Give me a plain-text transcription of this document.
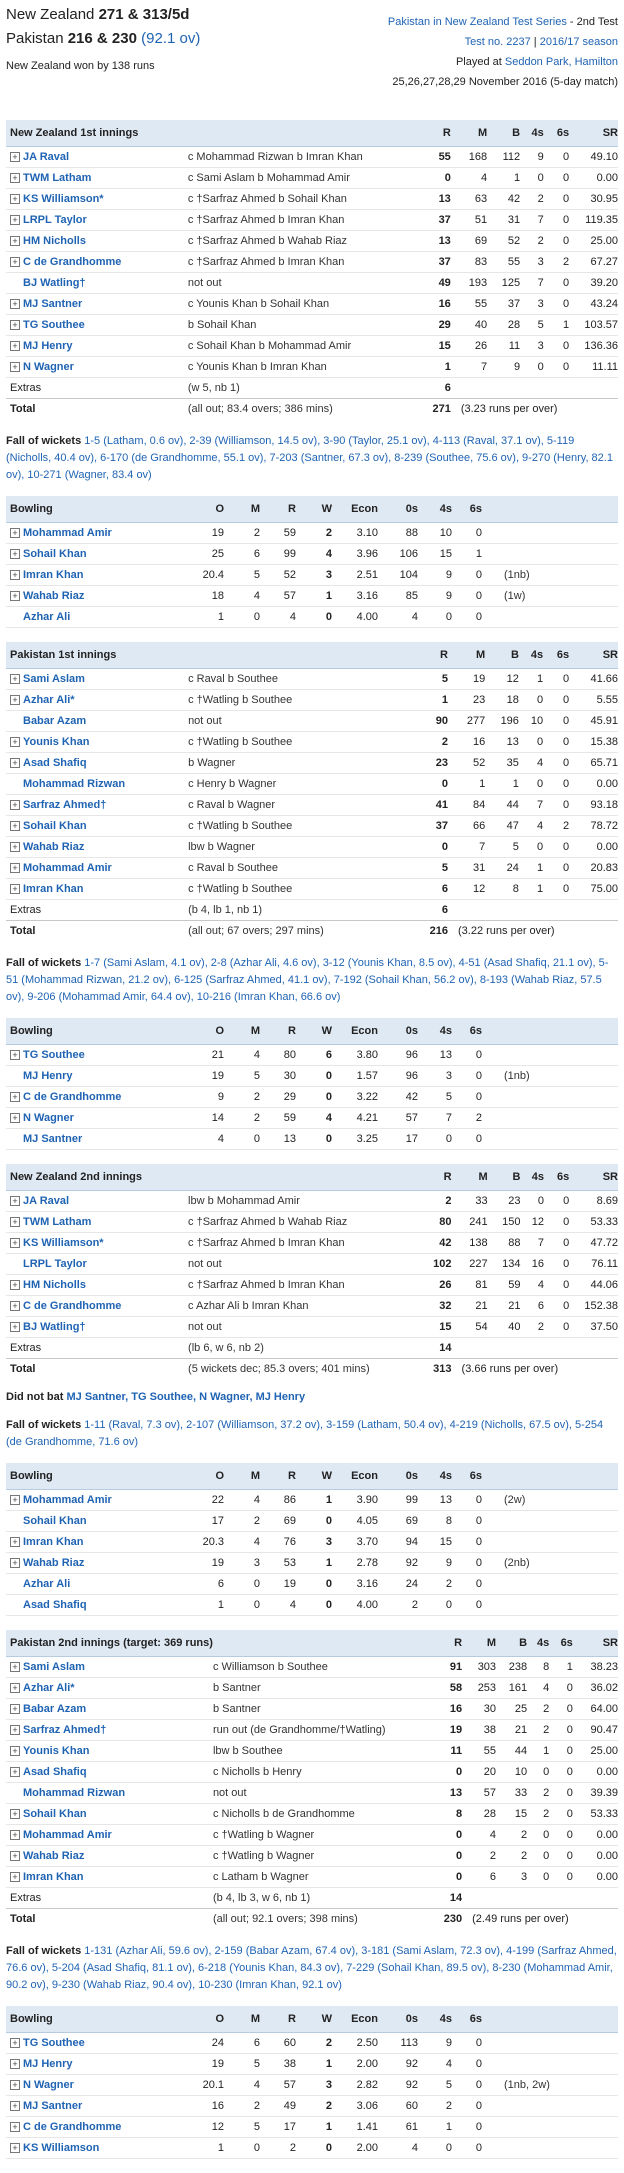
New Zealand 271 & 313/5d
Pakistan 216 & 230 (92.1 ov)
New Zealand won by 138 runs
Pakistan in New Zealand Test Series - 2nd Test
Test no. 2237 | 2016/17 season
Played at Seddon Park, Hamilton
25,26,27,28,29 November 2016 (5-day match)
New Zealand 1st innings		R	M	B	4s	6s	SR
+ JA Raval	c Mohammad Rizwan b Imran Khan	55	168	112	9	0	49.10
+ TWM Latham	c Sami Aslam b Mohammad Amir	0	4	1	0	0	0.00
+ KS Williamson*	c †Sarfraz Ahmed b Sohail Khan	13	63	42	2	0	30.95
+ LRPL Taylor	c †Sarfraz Ahmed b Imran Khan	37	51	31	7	0	119.35
+ HM Nicholls	c †Sarfraz Ahmed b Wahab Riaz	13	69	52	2	0	25.00
+ C de Grandhomme	c †Sarfraz Ahmed b Imran Khan	37	83	55	3	2	67.27
BJ Watling†	not out	49	193	125	7	0	39.20
+ MJ Santner	c Younis Khan b Sohail Khan	16	55	37	3	0	43.24
+ TG Southee	b Sohail Khan	29	40	28	5	1	103.57
+ MJ Henry	c Sohail Khan b Mohammad Amir	15	26	11	3	0	136.36
+ N Wagner	c Younis Khan b Imran Khan	1	7	9	0	0	11.11
Extras	(w 5, nb 1)	6					
Total	(all out; 83.4 overs; 386 mins)	271	(3.23 runs per over)				
Fall of wickets 1-5 (Latham, 0.6 ov), 2-39 (Williamson, 14.5 ov), 3-90 (Taylor, 25.1 ov), 4-113 (Raval, 37.1 ov), 5-119 (Nicholls, 40.4 ov), 6-170 (de Grandhomme, 55.1 ov), 7-203 (Santner, 67.3 ov), 8-239 (Southee, 75.6 ov), 9-270 (Henry, 82.1 ov), 10-271 (Wagner, 83.4 ov)
Bowling	O	M	R	W	Econ	0s	4s	6s	
+ Mohammad Amir	19	2	59	2	3.10	88	10	0	
+ Sohail Khan	25	6	99	4	3.96	106	15	1	
+ Imran Khan	20.4	5	52	3	2.51	104	9	0	(1nb)
+ Wahab Riaz	18	4	57	1	3.16	85	9	0	(1w)
Azhar Ali	1	0	4	0	4.00	4	0	0	
Pakistan 1st innings		R	M	B	4s	6s	SR
+ Sami Aslam	c Raval b Southee	5	19	12	1	0	41.66
+ Azhar Ali*	c †Watling b Southee	1	23	18	0	0	5.55
Babar Azam	not out	90	277	196	10	0	45.91
+ Younis Khan	c †Watling b Southee	2	16	13	0	0	15.38
+ Asad Shafiq	b Wagner	23	52	35	4	0	65.71
Mohammad Rizwan	c Henry b Wagner	0	1	1	0	0	0.00
+ Sarfraz Ahmed†	c Raval b Wagner	41	84	44	7	0	93.18
+ Sohail Khan	c †Watling b Southee	37	66	47	4	2	78.72
+ Wahab Riaz	lbw b Wagner	0	7	5	0	0	0.00
+ Mohammad Amir	c Raval b Southee	5	31	24	1	0	20.83
+ Imran Khan	c †Watling b Southee	6	12	8	1	0	75.00
Extras	(b 4, lb 1, nb 1)	6					
Total	(all out; 67 overs; 297 mins)	216	(3.22 runs per over)				
Fall of wickets 1-7 (Sami Aslam, 4.1 ov), 2-8 (Azhar Ali, 4.6 ov), 3-12 (Younis Khan, 8.5 ov), 4-51 (Asad Shafiq, 21.1 ov), 5-51 (Mohammad Rizwan, 21.2 ov), 6-125 (Sarfraz Ahmed, 41.1 ov), 7-192 (Sohail Khan, 56.2 ov), 8-193 (Wahab Riaz, 57.5 ov), 9-206 (Mohammad Amir, 64.4 ov), 10-216 (Imran Khan, 66.6 ov)
Bowling	O	M	R	W	Econ	0s	4s	6s	
+ TG Southee	21	4	80	6	3.80	96	13	0	
MJ Henry	19	5	30	0	1.57	96	3	0	(1nb)
+ C de Grandhomme	9	2	29	0	3.22	42	5	0	
+ N Wagner	14	2	59	4	4.21	57	7	2	
MJ Santner	4	0	13	0	3.25	17	0	0	
New Zealand 2nd innings		R	M	B	4s	6s	SR
+ JA Raval	lbw b Mohammad Amir	2	33	23	0	0	8.69
+ TWM Latham	c †Sarfraz Ahmed b Wahab Riaz	80	241	150	12	0	53.33
+ KS Williamson*	c †Sarfraz Ahmed b Imran Khan	42	138	88	7	0	47.72
LRPL Taylor	not out	102	227	134	16	0	76.11
+ HM Nicholls	c †Sarfraz Ahmed b Imran Khan	26	81	59	4	0	44.06
+ C de Grandhomme	c Azhar Ali b Imran Khan	32	21	21	6	0	152.38
+ BJ Watling†	not out	15	54	40	2	0	37.50
Extras	(lb 6, w 6, nb 2)	14					
Total	(5 wickets dec; 85.3 overs; 401 mins)	313	(3.66 runs per over)				
Did not bat MJ Santner, TG Southee, N Wagner, MJ Henry
Fall of wickets 1-11 (Raval, 7.3 ov), 2-107 (Williamson, 37.2 ov), 3-159 (Latham, 50.4 ov), 4-219 (Nicholls, 67.5 ov), 5-254 (de Grandhomme, 71.6 ov)
Bowling	O	M	R	W	Econ	0s	4s	6s	
+ Mohammad Amir	22	4	86	1	3.90	99	13	0	(2w)
Sohail Khan	17	2	69	0	4.05	69	8	0	
+ Imran Khan	20.3	4	76	3	3.70	94	15	0	
+ Wahab Riaz	19	3	53	1	2.78	92	9	0	(2nb)
Azhar Ali	6	0	19	0	3.16	24	2	0	
Asad Shafiq	1	0	4	0	4.00	2	0	0	
Pakistan 2nd innings (target: 369 runs)		R	M	B	4s	6s	SR
+ Sami Aslam	c Williamson b Southee	91	303	238	8	1	38.23
+ Azhar Ali*	b Santner	58	253	161	4	0	36.02
+ Babar Azam	b Santner	16	30	25	2	0	64.00
+ Sarfraz Ahmed†	run out (de Grandhomme/†Watling)	19	38	21	2	0	90.47
+ Younis Khan	lbw b Southee	11	55	44	1	0	25.00
+ Asad Shafiq	c Nicholls b Henry	0	20	10	0	0	0.00
Mohammad Rizwan	not out	13	57	33	2	0	39.39
+ Sohail Khan	c Nicholls b de Grandhomme	8	28	15	2	0	53.33
+ Mohammad Amir	c †Watling b Wagner	0	4	2	0	0	0.00
+ Wahab Riaz	c †Watling b Wagner	0	2	2	0	0	0.00
+ Imran Khan	c Latham b Wagner	0	6	3	0	0	0.00
Extras	(b 4, lb 3, w 6, nb 1)	14					
Total	(all out; 92.1 overs; 398 mins)	230	(2.49 runs per over)				
Fall of wickets 1-131 (Azhar Ali, 59.6 ov), 2-159 (Babar Azam, 67.4 ov), 3-181 (Sami Aslam, 72.3 ov), 4-199 (Sarfraz Ahmed, 76.6 ov), 5-204 (Asad Shafiq, 81.1 ov), 6-218 (Younis Khan, 84.3 ov), 7-229 (Sohail Khan, 89.5 ov), 8-230 (Mohammad Amir, 90.2 ov), 9-230 (Wahab Riaz, 90.4 ov), 10-230 (Imran Khan, 92.1 ov)
Bowling	O	M	R	W	Econ	0s	4s	6s	
+ TG Southee	24	6	60	2	2.50	113	9	0	
+ MJ Henry	19	5	38	1	2.00	92	4	0	
+ N Wagner	20.1	4	57	3	2.82	92	5	0	(1nb, 2w)
+ MJ Santner	16	2	49	2	3.06	60	2	0	
+ C de Grandhomme	12	5	17	1	1.41	61	1	0	
+ KS Williamson	1	0	2	0	2.00	4	0	0	
